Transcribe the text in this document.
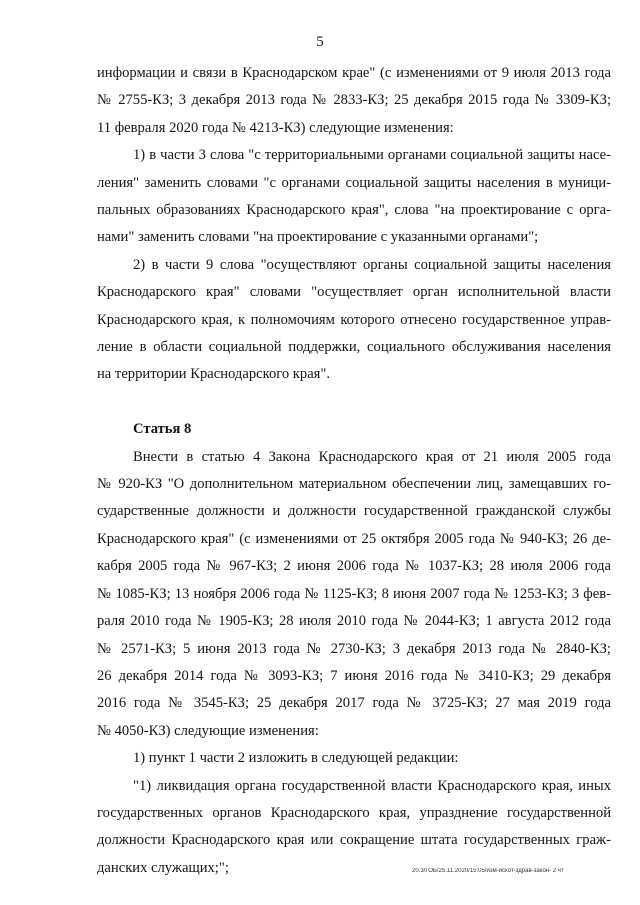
5
информации и связи в Краснодарском крае" (с изменениями от 9 июля 2013 года
№ 2755-КЗ; 3 декабря 2013 года № 2833-КЗ; 25 декабря 2015 года № 3309-КЗ;
11 февраля 2020 года № 4213-КЗ) следующие изменения:
1) в части 3 слова "с территориальными органами социальной защиты насе-
ления" заменить словами "с органами социальной защиты населения в муници-
пальных образованиях Краснодарского края", слова "на проектирование с орга-
нами" заменить словами "на проектирование с указанными органами";
2) в части 9 слова "осуществляют органы социальной защиты населения
Краснодарского края" словами "осуществляет орган исполнительной власти
Краснодарского края, к полномочиям которого отнесено государственное управ-
ление в области социальной поддержки, социального обслуживания населения
на территории Краснодарского края".
Статья 8
Внести в статью 4 Закона Краснодарского края от 21 июля 2005 года
№ 920-КЗ "О дополнительном материальном обеспечении лиц, замещавших го-
сударственные должности и должности государственной гражданской службы
Краснодарского края" (с изменениями от 25 октября 2005 года № 940-КЗ; 26 де-
кабря 2005 года № 967-КЗ; 2 июня 2006 года № 1037-КЗ; 28 июля 2006 года
№ 1085-КЗ; 13 ноября 2006 года № 1125-КЗ; 8 июня 2007 года № 1253-КЗ; 3 фев-
раля 2010 года № 1905-КЗ; 28 июля 2010 года № 2044-КЗ; 1 августа 2012 года
№ 2571-КЗ; 5 июня 2013 года № 2730-КЗ; 3 декабря 2013 года № 2840-КЗ;
26 декабря 2014 года № 3093-КЗ; 7 июня 2016 года № 3410-КЗ; 29 декабря
2016 года № 3545-КЗ; 25 декабря 2017 года № 3725-КЗ; 27 мая 2019 года
№ 4050-КЗ) следующие изменения:
1) пункт 1 части 2 изложить в следующей редакции:
"1) ликвидация органа государственной власти Краснодарского края, иных
государственных органов Краснодарского края, упразднение государственной
должности Краснодарского края или сокращение штата государственных граж-
данских служащих;";	20.3/ГОБ/25.11.2020/15:05/изм-искот-здрав-закон- 2 чт
